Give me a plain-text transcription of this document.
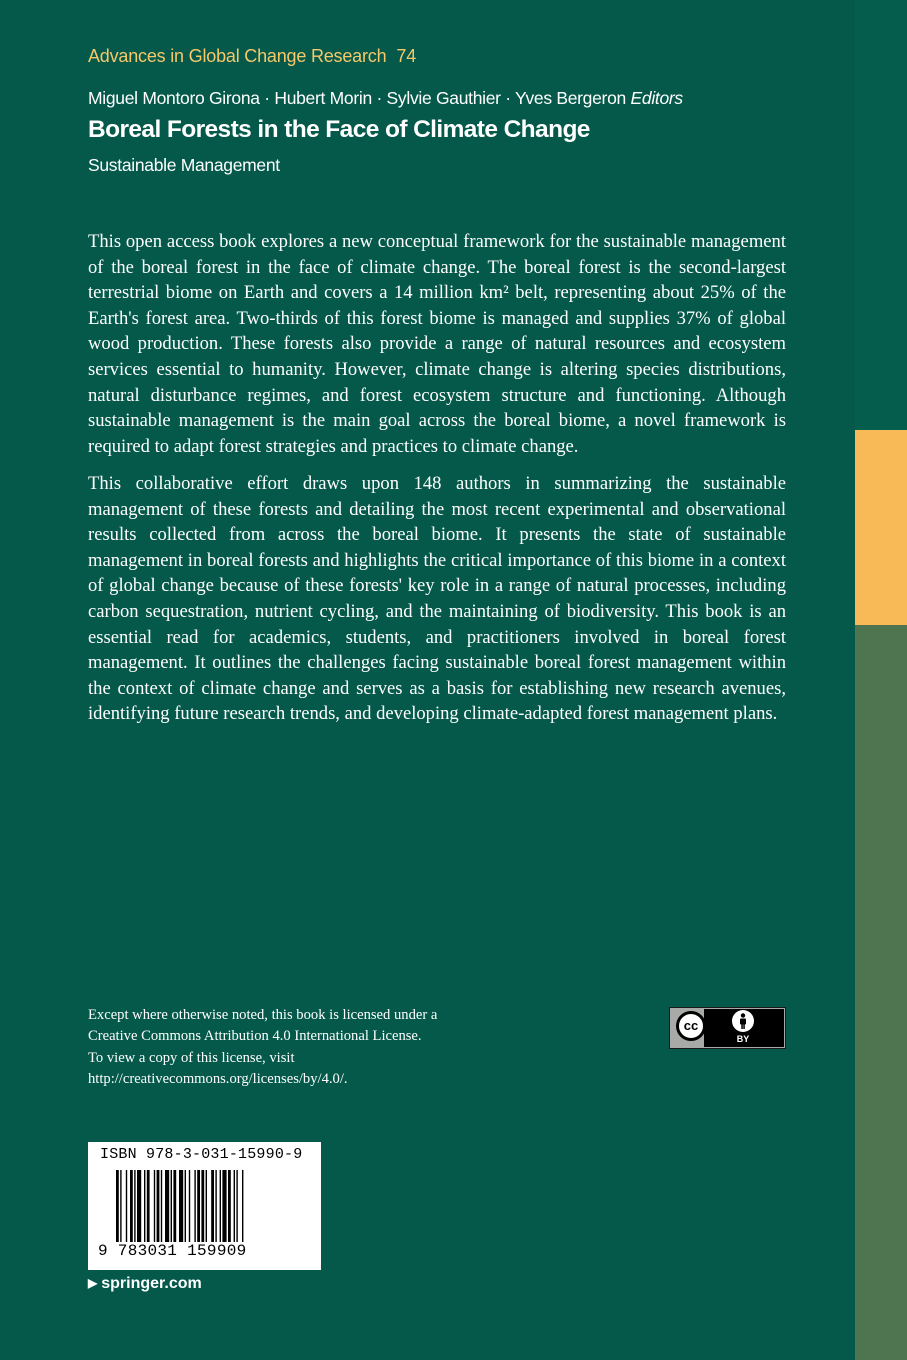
Advances in Global Change Research 74
Miguel Montoro Girona · Hubert Morin · Sylvie Gauthier · Yves Bergeron Editors
Boreal Forests in the Face of Climate Change
Sustainable Management

This open access book explores a new conceptual framework for the sustainable management of the boreal forest in the face of climate change. The boreal forest is the second-largest terrestrial biome on Earth and covers a 14 million km² belt, representing about 25% of the Earth's forest area. Two-thirds of this forest biome is managed and supplies 37% of global wood production. These forests also provide a range of natural resources and ecosystem services essential to humanity. However, climate change is altering species distributions, natural disturbance regimes, and forest ecosystem structure and functioning. Although sustainable management is the main goal across the boreal biome, a novel framework is required to adapt forest strategies and practices to climate change.

This collaborative effort draws upon 148 authors in summarizing the sustainable management of these forests and detailing the most recent experimental and observational results collected from across the boreal biome. It presents the state of sustainable management in boreal forests and highlights the critical importance of this biome in a context of global change because of these forests' key role in a range of natural processes, including carbon sequestration, nutrient cycling, and the maintaining of biodiversity. This book is an essential read for academics, students, and practitioners involved in boreal forest management. It outlines the challenges facing sustainable boreal forest management within the context of climate change and serves as a basis for establishing new research avenues, identifying future research trends, and developing climate-adapted forest management plans.

Except where otherwise noted, this book is licensed under a
Creative Commons Attribution 4.0 International License.
To view a copy of this license, visit
http://creativecommons.org/licenses/by/4.0/.
cc
BY
ISBN 978-3-031-15990-9
9 783031 159909
▶ springer.com
